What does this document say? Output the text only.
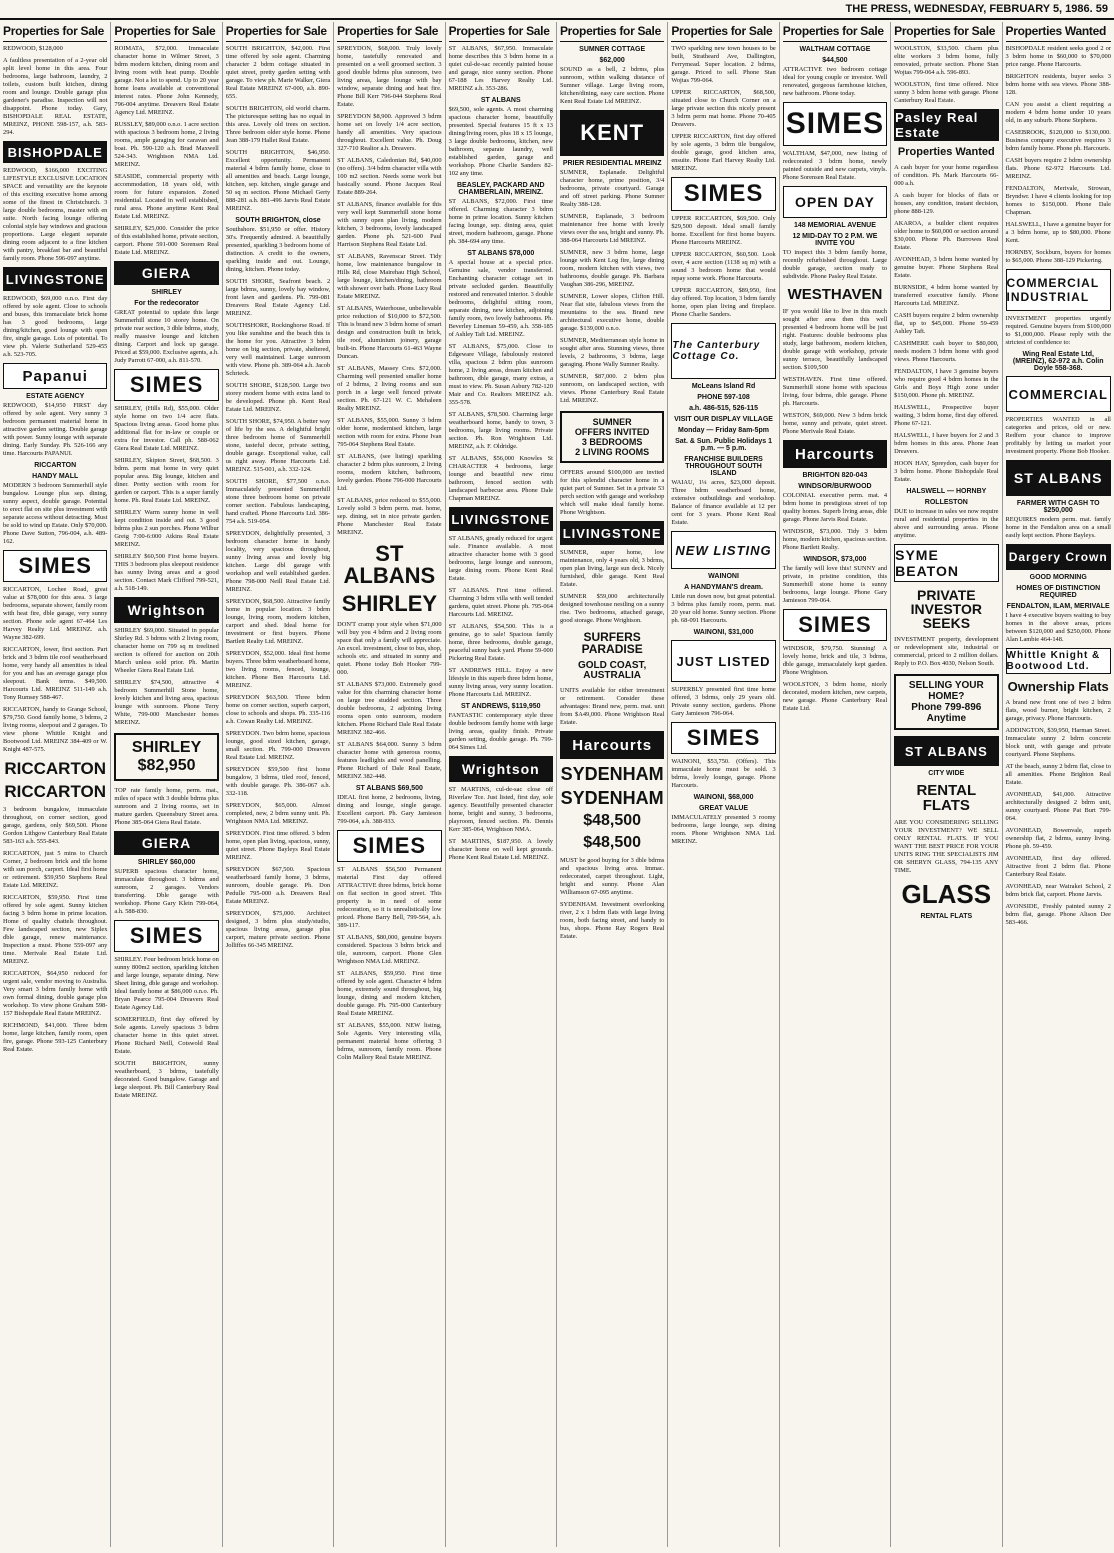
THE PRESS, WEDNESDAY, FEBRUARY 5, 1986. 59
Properties for Sale

REDWOOD, $128,000

A faultless presentation of a 2-year old split level home in this area. Four bedrooms, large bathroom, laundry, 2 toilets, custom built kitchen, dining room and lounge. Double garage plus gardener's paradise. Inspection will not disappoint. Phone today. Gary, BISHOPDALE REAL ESTATE, MREINZ, PHONE 598-157, a.h. 583-294.

BISHOPDALE

REDWOOD, $166,000 EXCITING LIFESTYLE EXCLUSIVE LOCATION SPACE and versatility are the keynote of this exciting executive home among some of the finest in Christchurch. 3 large double bedrooms, master with en suite. North facing lounge offering colonial style bay windows and gracious proportions. Large elegant separate dining room adjacent to a fine kitchen with pantry, breakfast bar and beautiful family room. Phone 596-097 anytime.

LIVINGSTONE

REDWOOD, $69,000 o.n.o. First day offered by sole agent. Close to schools and buses, this immaculate brick home has 3 good bedrooms, large dining/kitchen, good lounge with open fire, single garage. Lots of potential. To view ph. Valerie Sutherland 529-455 a.h. 523-705.

Papanui
ESTATE AGENCY

REDWOOD, $14,950 FIRST day offered by sole agent. Very sunny 3 bedroom permanent material home in attractive garden setting. Double garage with power. Sunny lounge with separate dining. Early Sunday. Ph. 526-166 any time. Harcourts PAPANUI.

RICCARTON
HANDY MALL

MODERN 3 bedroom Summerhill style bungalow. Lounge plus sep. dining, sunny aspect, double garage. Potential to erect flat on site plus investment with separate access without detracting. Must be sold to wind up Estate. Only $70,000. Phone Dave Sutton, 796-004, a.h. 489-162.

SIMES

RICCARTON, Lochee Road, great value at $78,000 for this area. 3 large bedrooms, separate shower, family room with heat fire, dble garage, very sunny section. Phone sole agent 67-464 Les Harvey Realty Ltd. MREINZ. a.h. Wayne 382-699.

RICCARTON, lower, first section. Part brick and 3 bdrm tile roof weatherboard home, very handy all amenities is ideal for you and has an average garage plus sleepout. Bank terms. $49,500. Harcourts Ltd. MREINZ 511-149 a.h. Tony Rumsey 588-467.

RICCARTON, handy to Grange School, $79,750. Good family home, 3 bdrms, 2 living rooms, sleepout and 2 garages. To view phone Whittle Knight and Bootwood Ltd. MREINZ 384-409 or W. Knight 487-575.

RICCARTON
RICCARTON

3 bedroom bungalow, immaculate throughout, on corner section, good garage, gardens, only $69,500. Phone Gordon Lithgow Canterbury Real Estate 583-163 a.h. 555-843.

RICCARTON, just 5 mins to Church Corner, 2 bedroom brick and tile home with sun porch, carport. Ideal first home or retirement. $59,950 Stephens Real Estate Ltd. MREINZ.

RICCARTON, $59,950. First time offered by sole agent. Sunny kitchen facing 3 bdrm home in prime location. Home of quality chattels throughout. Few landscaped section, new Siplex dble garage, renew maintenance. Inspection a must. Phone 559-097 any time. Merivale Real Estate Ltd. MREINZ.

RICCARTON, $64,950 reduced for urgent sale, vendor moving to Australia. Very smart 3 bdrm family home with own formal dining, double garage plus workshop. To view phone Graham 598-157 Bishopdale Real Estate MREINZ.

RICHMOND, $41,000. Three bdrm home, large kitchen, family room, open fire, garage. Phone 593-125 Canterbury Real Estate.

Properties for Sale

ROIMATA, $72,000. Immaculate character home in Wilmer Street, 3 bdrm modern kitchen, dining room and living room with heat pump. Double garage. Not a lot to spend. Up to 20 year home loans available at conventional interest rates. Phone John Kennedy, 796-004 anytime. Dreavers Real Estate Agency Ltd. MREINZ.

RUSSLEY, $89,000 o.n.o. 1 acre section with spacious 3 bedroom home, 2 living rooms, ample garaging for caravan and boat. Ph. 590-120 a.h. Brad Maxwell 524-343. Wrightson NMA Ltd. MREINZ.

SEASIDE, commercial property with accommodation, 18 years old, with room for future expansion. Zoned residential. Located in well established, rural area. Phone anytime Kent Real Estate Ltd. MREINZ.

SHIRLEY, $25,000. Consider the price of this established home, private section, carport. Phone 591-000 Sorensen Real Estate Ltd. MREINZ.

GIERA
SHIRLEY
For the redecorator

GREAT potential to update this large Summerhill stone 10 storey home. On private rear section, 3 dble bdrms, study, really massive lounge and kitchen dining. Carport and lock up garage. Priced at $59,000. Exclusive agents, a.h. Judy Parrott 67-000, a.h. 811-570.

SIMES

SHIRLEY, (Hills Rd), $55,000. Older style home on two 1/4 acre flats. Spacious living areas. Good home plus additional flat for in-law or couple or extra for investor. Call ph. 588-062 Giera Real Estate Ltd. MREINZ.

SHIRLEY, Skipton Street, $68,500. 3 bdrm. perm mat home in very quiet popular area. Big lounge, kitchen and diner. Pretty section with room for garden or carport. This is a super family home. Ph. Real Estate Ltd. MREINZ.

SHIRLEY Warm sunny home in well kept condition inside and out. 3 good bdrms plus 2 sun porches. Phone Wilbur Greig 7:00-6:000 Atkins Real Estate MREINZ.

SHIRLEY $60,500 First home buyers. THIS 3 bedroom plus sleepout residence has sunny living areas and a good section. Contact Mark Clifford 799-521, a.h. 518-149.

Wrightson

SHIRLEY $69,000. Situated in popular Shirley Rd. 3 bdrms with 2 living room, character home on 799 sq m treelined section is offered for auction on 20th March unless sold prior. Ph. Martin Wheeler Giera Real Estate Ltd.

SHIRLEY $74,500, attractive 4 bedroom Summerhill Stone home, lovely kitchen and living area, spacious lounge with sunroom. Phone Terry White, 799-000 Manchester homes MREINZ.

SHIRLEY
$82,950

TOP rate family home, perm. mat., miles of space with 3 double bdrms plus sunroom and 2 living rooms, set in mature garden. Queensbury Street area. Phone 385-064 Giera Real Estate.

GIERA
SHIRLEY $60,000

SUPERB spacious character home, immaculate throughout. 3 bdrms and sunroom, 2 garages. Vendors transferring. Dble garage with workshop. Phone Gary Klein 799-064, a.h. 588-830.

SIMES

SHIRLEY. Four bedroom brick home on sunny 800m2 section, sparkling kitchen and large lounge, separate dining. New Sheet lining, dble garage and workshop. Ideal family home at $86,000 o.n.o. Ph. Bryan Pearce 795-004 Dreavers Real Estate Agency Ltd.

SOMERFIELD, first day offered by Sole agents. Lovely spacious 3 bdrm character home in this quiet street. Phone Richard Neill, Cotswold Real Estate.

SOUTH BRIGHTON, sunny weatherboard, 3 bdrms, tastefully decorated. Good bungalow. Garage and large sleepout. Ph. Bill Canterbury Real Estate MREINZ.

Properties for Sale

SOUTH BRIGHTON, $42,000. First time offered by sole agent. Charming character 2 bdrm cottage situated in quiet street, pretty garden setting with garage. To view ph. Marie Walker, Giera Real Estate MREINZ 67-000, a.h. 890-655.

SOUTH BRIGHTON, old world charm. The picturesque setting has no equal in this area. Lovely old trees on section. Three bedroom older style home. Phone Jean 388-179 Hallet Real Estate.

SOUTH BRIGHTON, $46,950. Excellent opportunity. Permanent material 4 bdrm family home, close to all amenities and beach. Large lounge, kitchen, sep. kitchen, single garage and 50 sq m section. Phone Michael Gerty 888-281 a.h. 881-496 Jarvis Real Estate MREINZ.

SOUTH BRIGHTON, close

Southshore. $51,950 or offer. History 30's. Frequently admired. A beautifully presented, sparkling 3 bedroom home of distinction. A credit to the owners, sparkling inside and out. Lounge, dining, kitchen. Phone today.

SOUTH SHORE, Seafront beach. 2 large bdrms, sunny, lovely bay window, front lawn and gardens. Ph. 799-081 Dreavers Real Estate Agency Ltd. MREINZ.

SOUTHSHORE, Rockinghorse Road. If you like sunshine and the beach this is the home for you. Attractive 3 bdrm home on big section, private, sheltered, very well maintained. Large sunroom with view. Phone ph. 389-064 a.h. Jacob Schrieck.

SOUTH SHORE, $128,500. Large two storey modern home with extra land to be developed. Phone ph. Kent Real Estate Ltd. MREINZ.

SOUTH SHORE, $74,950. A better way of life by the sea. A delightful bright three bedroom home of Summerhill stone, tasteful decor, private setting, double garage. Exceptional value, call us right away. Phone Harcourts Ltd. MREINZ. 515-001, a.h. 332-124.

SOUTH SHORE, $77,500 o.n.o. Immaculately presented Summerhill stone three bedroom home on private corner section. Fabulous landscaping, hand crafted. Phone Harcourts Ltd. 386-754 a.h. 519-054.

SPREYDON, delightfully presented, 3 bedroom character home in handy locality, very spacious throughout, sunny living areas and lovely big kitchen. Large dbl garage with workshop and well established garden. Phone 798-000 Neill Real Estate Ltd. MREINZ.

SPREYDON, $68,500. Attractive family home in popular location. 3 bdrm lounge, living room, modern kitchen, carport and shed. Ideal home for investment or first buyers. Phone Bartlett Realty Ltd. MREINZ.

SPREYDON, $52,000. Ideal first home buyers. Three bdrm weatherboard home, two living rooms, fenced, lounge, kitchen. Phone Ben Harcourts Ltd. MREINZ.

SPREYDON $63,500. Three bdrm home on corner section, superb carport, close to schools and shops. Ph. 335-116 a.h. Cowan Realty Ltd. MREINZ.

SPREYDON. Two bdrm home, spacious lounge, good sized kitchen, garage, small section. Ph. 799-000 Dreavers Real Estate Ltd. MREINZ.

SPREYDON $59,500 first home bungalow, 3 bdrms, tiled roof, fenced, with double garage. Ph. 386-067 a.h. 332-118.

SPREYDON, $65,000. Almost completed, new, 2 bdrm sunny unit. Ph. Wrightson NMA Ltd. MREINZ.

SPREYDON. First time offered. 3 bdrm home, open plan living, spacious, sunny, quiet street. Phone Bayleys Real Estate MREINZ.

SPREYDON $67,500. Spacious weatherboard family home, 3 bdrms, sunroom, double garage. Ph. Don Pedulle 795-000 a.h. Dreavers Real Estate MREINZ.

SPREYDON, $75,000. Architect designed, 3 bdrm plus study/studio, spacious living areas, garage plus carport, mature private section. Phone Jolliffes 66-345 MREINZ.

Properties for Sale

SPREYDON, $68,000. Truly lovely home, tastefully renovated and presented on a well groomed section. 3 good double bdrms plus sunroom, two living areas, large lounge with bay window, separate dining and heat fire. Phone Bill Kerr 796-044 Stephens Real Estate.

SPREYDON $8,900. Approved 3 bdrm home set on lovely 1/4 acre section, handy all amenities. Very spacious throughout. Excellent value. Ph. Doug 327-710 Realtor a.h. Dreavers.

ST ALBANS, Caledonian Rd, $40,000 (no offers). 3/4 bdrm character villa with 100 m2 section. Needs some work but basically sound. Phone Jacques Real Estate 889-264.

ST ALBANS, finance available for this very well kept Summerhill stone home with sunny open plan living, modern kitchen, 3 bedrooms, lovely landscaped garden. Phone ph. 521-600 Paul Harrison Stephens Real Estate Ltd.

ST ALBANS, Ravenscar Street. Tidy home, low maintenance bungalow in Hills Rd, close Mairehau High School, large lounge, kitchen/dining, bathroom with shower over bath. Phone Lucy Real Estate MREINZ.

ST ALBANS, Waterhouse, unbelievable price reduction of $10,000 to $72,500. This is brand new 3 bdrm home of smart design and construction built in brick, tile roof, aluminium joinery, garage built-in. Phone Harcourts 61-463 Wayne Duncan.

ST ALBANS, Massey Cres. $72,000. Charming well presented smaller home of 2 bdrms, 2 living rooms and sun porch in a large well fenced private section. Ph. 67-121 W. C. Mehaleen Realty MREINZ.

ST ALBANS, $55,000. Sunny 3 bdrm older home, modernised kitchen, large section with room for extra. Phone Ivan 795-064 Stephens Real Estate.

ST ALBANS, (see listing) sparkling character 2 bdrm plus sunroom, 2 living rooms, modern kitchen, bathroom, lovely garden. Phone 796-000 Harcourts Ltd.

ST ALBANS, price reduced to $55,000. Lovely solid 3 bdrm perm. mat. home, sep. dining, set in nice private garden. Phone Manchester Real Estate MREINZ.

ST ALBANS
SHIRLEY

DON'T cramp your style when $71,000 will buy you 4 bdrm and 2 living room space that only a family will appreciate. An excel. investment, close to bus, shop, schools etc. and situated in sunny and quiet. Phone today Bob Hooker 799-000.

ST ALBANS $73,000. Extremely good value for this charming character home on large tree studded section. Three double bedrooms, 2 adjoining living rooms open onto sunroom, modern kitchen. Phone Richard Dale Real Estate MREINZ 382-466.

ST ALBANS $64,000. Sunny 3 bdrm character home with generous rooms, features leadlights and wood panelling. Phone Richard of Dale Real Estate, MREINZ 382-448.

ST ALBANS $69,500

IDEAL first home, 2 bedrooms, living, dining and lounge, single garage. Excellent carport. Ph. Gary Jamieson 799-064, a.h. 388-933.

SIMES

ST ALBANS $56,500 Permanent material First day offered ATTRACTIVE three bdrms, brick home on flat section in good street. This property is in need of some redecoration, so it is unrealistically low priced. Phone Barry Bell, 799-564, a.h. 389-117.

ST ALBANS, $80,000, genuine buyers considered. Spacious 3 bdrm brick and tile, sunroom, carport. Phone Glen Wrightson NMA Ltd. MREINZ.

ST ALBANS, $59,950. First time offered by sole agent. Character 4 bdrm home, extremely sound throughout, big lounge, dining and modern kitchen, double garage. Ph. 795-000 Canterbury Real Estate MREINZ.

ST ALBANS, $55,000. NEW listing, Sole Agents. Very interesting villa, permanent material home offering 3 bdrms, sunroom, family room. Phone Colin Mallory Real Estate MREINZ.

Properties for Sale

ST ALBANS, $67,950. Immaculate home describes this 3 bdrm home in a quiet cul-de-sac recently painted house and garage, nice sunny section. Phone 67-188 Les Harvey Realty Ltd. MREINZ a.h. 353-286.

ST ALBANS

$69,500, sole agents. A most charming spacious character home, beautifully presented. Special features 15 ft x 13 dining/living room, plus 18 x 15 lounge, 3 large double bedrooms, kitchen, new bathroom, separate laundry, well established garden, garage and workshop. Phone Charlie Sanders 82-102 any time.

BEASLEY, PACKARD AND CHAMBERLAIN, MREINZ.

ST ALBANS, $72,000. First time offered. Charming character 3 bdrm home in prime location. Sunny kitchen facing lounge, sep. dining area, quiet street, modern bathroom, garage. Phone ph. 384-694 any time.

ST ALBANS $78,000

A special house at a special price. Genuine sale, vendor transferred. Enchanting character cottage set in private secluded garden. Beautifully restored and renovated interior. 3 double bedrooms, delightful sitting room, separate dining, new kitchen, adjoining family room, two lovely bathrooms. Ph. Beverley Lineman 59-459, a.h. 358-185 of Ashley Taft Ltd. MREINZ.

ST ALBANS, $75,000. Close to Edgeware Village, fabulously restored villa, spacious 2 bdrm plus sunroom home, 2 living areas, dream kitchen and bathroom, dble garage, many extras, a must to view. Ph. Susan Asbury 782-120 Mair and Co. Realtors MREINZ a.h. 355-578.

ST ALBANS, $78,500. Charming large weatherboard home, handy to town, 3 bedrooms, large living rooms. Private section. Ph. Ron Wrightson Ltd. MREINZ, a.h. F. Oldridge.

ST ALBANS, $56,000 Knowles St CHARACTER 4 bedrooms, large lounge and beautiful new rimu bathroom, fenced section with landscaped barbecue area. Phone Dale Chapman MREINZ.

LIVINGSTONE

ST ALBANS, greatly reduced for urgent sale. Finance available. A most attractive character home with 3 good bedrooms, large lounge and sunroom, large dining room. Phone Kent Real Estate.

ST ALBANS. First time offered. Charming 3 bdrm villa with well tended gardens, quiet street. Phone ph. 795-064 Harcourts Ltd. MREINZ.

ST ALBANS, $54,500. This is a genuine, go to sale! Spacious family home, three bedrooms, double garage, peaceful sunny back yard. Phone 59-000 Pickering Real Estate.

ST ANDREWS HILL. Enjoy a new lifestyle in this superb three bdrm home, sunny living areas, very sunny location. Phone Harcourts Ltd. MREINZ.

ST ANDREWS, $119,950

FANTASTIC contemporary style three double bedroom family home with large living areas, quality finish. Private garden setting, double garage. Ph. 799-064 Simes Ltd.

Wrightson

ST MARTINS, cul-de-sac close off Riverlaw Tce. Just listed, first day, sole agency. Beautifully presented character home, bright and sunny, 3 bedrooms, playroom, fenced section. Ph. Dennis Kerr 385-064, Wrightson NMA.

ST MARTINS, $187,950. A lovely character home on well kept grounds. Phone Kent Real Estate Ltd. MREINZ.

Properties for Sale
SUMNER COTTAGE
$62,000

SOUND as a bell, 2 bdrms, plus sunroom, within walking distance of Sumner village. Large living room, kitchen/dining, easy care section. Phone Kent Real Estate Ltd MREINZ.

KENT
PRIER RESIDENTIAL MREINZ

SUMNER, Esplanade. Delightful character home, prime position, 3/4 bedrooms, private courtyard. Garage and off street parking. Phone Sumner Realty 388-128.

SUMNER, Esplanade, 3 bedroom maintenance free home with lovely views over the sea, bright and sunny. Ph. 388-064 Harcourts Ltd MREINZ.

SUMNER, new 3 bdrm home, large lounge with Kent Log fire, large dining room, modern kitchen with views, two bathrooms, double garage. Ph. Barbara Vaughan 386-296, MREINZ.

SUMNER, Lower slopes, Clifton Hill. Near flat site, fabulous views from the mountains to the sea. Brand new architectural executive home, double garage. $139,000 o.n.o.

SUMNER, Mediterranean style home in sought after area. Stunning views, three levels, 2 bathrooms, 3 bdrms, large garaging. Phone Wally Sumner Realty.

SUMNER, $87,000. 2 bdrm plus sunroom, on landscaped section, with views. Phone Canterbury Real Estate Ltd. MREINZ.

SUMNER
OFFERS INVITED
3 BEDROOMS
2 LIVING ROOMS

OFFERS around $100,000 are invited for this splendid character home in a quiet part of Sumner. Set in a private 53 perch section with garage and workshop which will make ideal family home. Phone Wrightson.

LIVINGSTONE

SUMNER, super home, low maintenance, only 4 years old, 3 bdrms, open plan living, large sun deck. Nicely furnished, dble garage. Kent Real Estate.

SUMNER $59,000 architecturally designed townhouse nestling on a sunny rise. Two bedrooms, attached garage, good storage. Phone Wrightson.

SURFERS PARADISE
GOLD COAST, AUSTRALIA

UNITS available for either investment or retirement. Consider these advantages: Brand new, perm. mat. unit from $A49,000. Phone Wrightson Real Estate.

Harcourts
SYDENHAM
SYDENHAM
$48,500
$48,500

MUST be good buying for 3 dble bdrms and spacious living area. Immac. redecorated, carpet throughout. Light, bright and sunny. Phone Alan Williamson 67-095 anytime.

SYDENHAM. Investment overlooking river, 2 x 1 bdrm flats with large living room, both facing street, and handy to bus, shops. Phone Ray Rogers Real Estate.

Properties for Sale

TWO sparkling new town houses to be built, Stratheard Ave, Dallington, Ferrymead. Super location. 2 bdrms, garage. Priced to sell. Phone Stan Wojtas 799-064.

UPPER RICCARTON, $68,500, situated close to Church Corner on a large private section this nicely present 3 bdrm perm mat home. Phone 70-405 Dreavers.

UPPER RICCARTON, first day offered by sole agents, 3 bdrm tile bungalow, double garage, good kitchen area, ensuite. Phone Earl Harvey Realty Ltd. MREINZ.

SIMES

UPPER RICCARTON, $69,500. Only $29,500 deposit. Ideal small family home. Excellent for first home buyers. Phone Harcourts MREINZ.

UPPER RICCARTON, $60,500. Look over, 4 acre section (1138 sq m) with a sound 3 bedroom home that would repay some work. Phone Harcourts.

UPPER RICCARTON, $89,950, first day offered. Top location, 3 bdrm family home, open plan living and fireplace. Phone Charlie Sanders.

The Canterbury Cottage Co.
McLeans Island Rd
PHONE 597-108
a.h. 486-515, 526-115
VISIT OUR DISPLAY VILLAGE
Monday — Friday 8am-5pm
Sat. & Sun. Public Holidays 1 p.m. — 5 p.m.
FRANCHISE BUILDERS THROUGHOUT SOUTH ISLAND

WAIAU, 1¼ acres, $23,000 deposit. Three bdrm weatherboard home, extensive outbuildings and workshop. Balance of finance available at 12 per cent for 3 years. Phone Kent Real Estate.

NEW LISTING
WAINONI
A HANDYMAN'S dream.

Little run down now, but great potential. 3 bdrms plus family room, perm. mat. 20 year old home. Sunny section. Phone ph. 68-091 Harcourts.

WAINONI, $31,000
JUST LISTED

SUPERBLY presented first time home offered, 3 bdrms, only 29 years old. Private sunny section, gardens. Phone Gary Jamieson 796-064.

SIMES

WAINONI, $53,750. (Offers). This immaculate home must be sold. 3 bdrms, lovely lounge, garage. Phone Harcourts.

WAINONI, $68,000
GREAT VALUE

IMMACULATELY presented 3 roomy bedrooms, large lounge, sep. dining room. Phone Wrightson NMA Ltd. MREINZ.

Properties for Sale
WALTHAM COTTAGE
$44,500

ATTRACTIVE two bedroom cottage ideal for young couple or investor. Well renovated, gorgeous farmhouse kitchen, new bathroom. Phone today.

SIMES

WALTHAM, $47,000, new listing of redecorated 3 bdrm home, newly painted outside and new carpets, vinyls. Phone Sorensen Real Estate.

OPEN DAY
148 MEMORIAL AVENUE
12 MID-DAY TO 2 P.M. WE INVITE YOU

TO inspect this 3 bdrm family home, recently refurbished throughout. Large double garage, section ready to subdivide. Phone Pasley Real Estate.

WESTHAVEN

IF you would like to live in this much sought after area then this well presented 4 bedroom home will be just right. Features: double bedrooms plus study, large bathroom, modern kitchen, double garage with workshop, private sunny terrace, beautifully landscaped section. $109,500

WESTHAVEN. First time offered. Summerhill stone home with spacious living, four bdrms, dble garage. Phone ph. Harcourts.

WESTON, $69,000. New 3 bdrm brick home, sunny and private, quiet street. Phone Merivale Real Estate.

Harcourts
BRIGHTON 820-043
WINDSOR/BURWOOD

COLONIAL executive perm. mat. 4 bdrm home in prestigious street of top quality homes. Superb living areas, dble garage. Phone Jarvis Real Estate.

WINDSOR, $73,000. Tidy 3 bdrm home, modern kitchen, spacious section. Phone Bartlett Realty.

WINDSOR, $73,000

The family will love this! SUNNY and private, in pristine condition, this Summerhill stone home is sunny bedrooms, large lounge. Phone Gary Jamieson 799-064.

SIMES

WINDSOR, $79,750. Stunning! A lovely home, brick and tile, 3 bdrms, dble garage, immaculately kept garden. Phone Wrightson.

WOOLSTON, 3 bdrm home, nicely decorated, modern kitchen, new carpets, new garage. Phone Canterbury Real Estate Ltd.

Properties for Sale

WOOLSTON, $33,500. Charm plus elite workers 3 bdrm home, fully renovated, private section. Phone Stan Wojtas 799-064 a.h. 596-893.

WOOLSTON, first time offered. Nice sunny 3 bdrm home with garage. Phone Canterbury Real Estate.

Pasley Real Estate
Properties Wanted

A cash buyer for your home regardless of condition. Ph. Mark Harcourts 66-000 a.h.

A cash buyer for blocks of flats or houses, any condition, instant decision, phone 888-129.

AKAROA, a builder client requires older home to $60,000 or section around $30,000. Phone Ph. Burrowes Real Estate.

AVONHEAD, 3 bdrm home wanted by genuine buyer. Phone Stephens Real Estate.

BURNSIDE, 4 bdrm home wanted by transferred executive family. Phone Harcourts Ltd. MREINZ.

CASH buyers require 2 bdrm ownership flat, up to $45,000. Phone 59-459 Ashley Taft.

CASHMERE cash buyer to $80,000, needs modern 3 bdrm home with good views. Phone Harcourts.

FENDALTON, I have 3 genuine buyers who require good 4 bdrm homes in the Girls and Boys High zone under $150,000. Phone ph. MREINZ.

HALSWELL, Prospective buyer waiting, 3 bdrm home, first day offered. Phone 67-121.

HALSWELL, I have buyers for 2 and 3 bdrm homes in this area. Phone Jean Dreavers.

HOON HAY, Spreydon, cash buyer for 3 bdrm home. Phone Bishopdale Real Estate.

HALSWELL — HORNBY
ROLLESTON

DUE to increase in sales we now require rural and residential properties in the above and surrounding areas. Phone anytime.

SYME BEATON
PRIVATE INVESTOR SEEKS

INVESTMENT property, development or redevelopment site, industrial or commercial, priced to 2 million dollars. Reply to P.O. Box 4030, Nelson South.

SELLING YOUR HOME?
Phone 799-896 Anytime
ST ALBANS
CITY WIDE
RENTAL FLATS

ARE YOU CONSIDERING SELLING YOUR INVESTMENT? WE SELL ONLY RENTAL FLATS. IF YOU WANT THE BEST PRICE FOR YOUR UNITS RING THE SPECIALISTS JIM OR SHERYN GLASS, 794-135 ANY TIME.

GLASS
RENTAL FLATS
Properties Wanted

BISHOPDALE resident seeks good 2 or 3 bdrm home in $60,000 to $70,000 price range. Phone Harcourts.

BRIGHTON residents, buyer seeks 3 bdrm home with sea views. Phone 388-128.

CAN you assist a client requiring a modern 4 bdrm home under 10 years old, in any suburb. Phone Stephens.

CASEBROOK, $120,000 to $130,000. Business company executive requires 3 bdrm family home. Phone ph. Harcourts.

CASH buyers require 2 bdrm ownership flats. Phone 62-972 Harcourts Ltd. MREINZ.

FENDALTON, Merivale, Strowan, Bryndwr. I have 4 clients looking for top homes to $150,000. Phone Dale Chapman.

HALSWELL, I have a genuine buyer for a 3 bdrm home, up to $80,000. Phone Kent.

HORNBY, Sockburn, buyers for homes to $65,000. Phone 388-129 Pickering.

COMMERCIAL INDUSTRIAL

INVESTMENT properties urgently required. Genuine buyers from $100,000 to $1,000,000. Please reply with the strictest of confidence to:

Wing Real Estate Ltd, (MREINZ), 62-972 a.h. Colin Doyle 558-368.
COMMERCIAL

PROPERTIES WANTED in all categories and prices, old or new. Redfern your chance to improve profitably by letting us market your investment property. Phone Bob Hooker.

ST ALBANS
FARMER WITH CASH TO $250,000

REQUIRES modern perm. mat. family home in the Fendalton area on a small easily kept section. Phone Bayleys.

Dargery Crown
GOOD MORNING
HOMES OF DISTINCTION REQUIRED
FENDALTON, ILAM, MERIVALE

I have 4 executive buyers waiting to buy homes in the above areas, prices between $120,000 and $250,000. Phone Alan Lambie 464-148.

Whittle Knight & Bootwood Ltd.
Ownership Flats

A brand new front one of two 2 bdrm flats, wood burner, bright kitchen, 2 garage, privacy. Phone Harcourts.

ADDINGTON, $39,950, Harman Street. Immaculate sunny 2 bdrm concrete block unit, with garage and private courtyard. Phone Stephens.

AT the beach, sunny 2 bdrm flat, close to all amenities. Phone Brighton Real Estate.

AVONHEAD, $41,000. Attractive architecturally designed 2 bdrm unit, sunny courtyard. Phone Pat Burt 799-064.

AVONHEAD, Bowenvale, superb ownership flat, 2 bdrms, sunny living. Phone ph. 59-459.

AVONHEAD, first day offered. Attractive front 2 bdrm flat. Phone Canterbury Real Estate.

AVONHEAD, near Wairakei School, 2 bdrm brick flat, carport. Phone Jarvis.

AVONSIDE, Freshly painted sunny 2 bdrm flat, garage. Phone Alison Dee 583-466.
